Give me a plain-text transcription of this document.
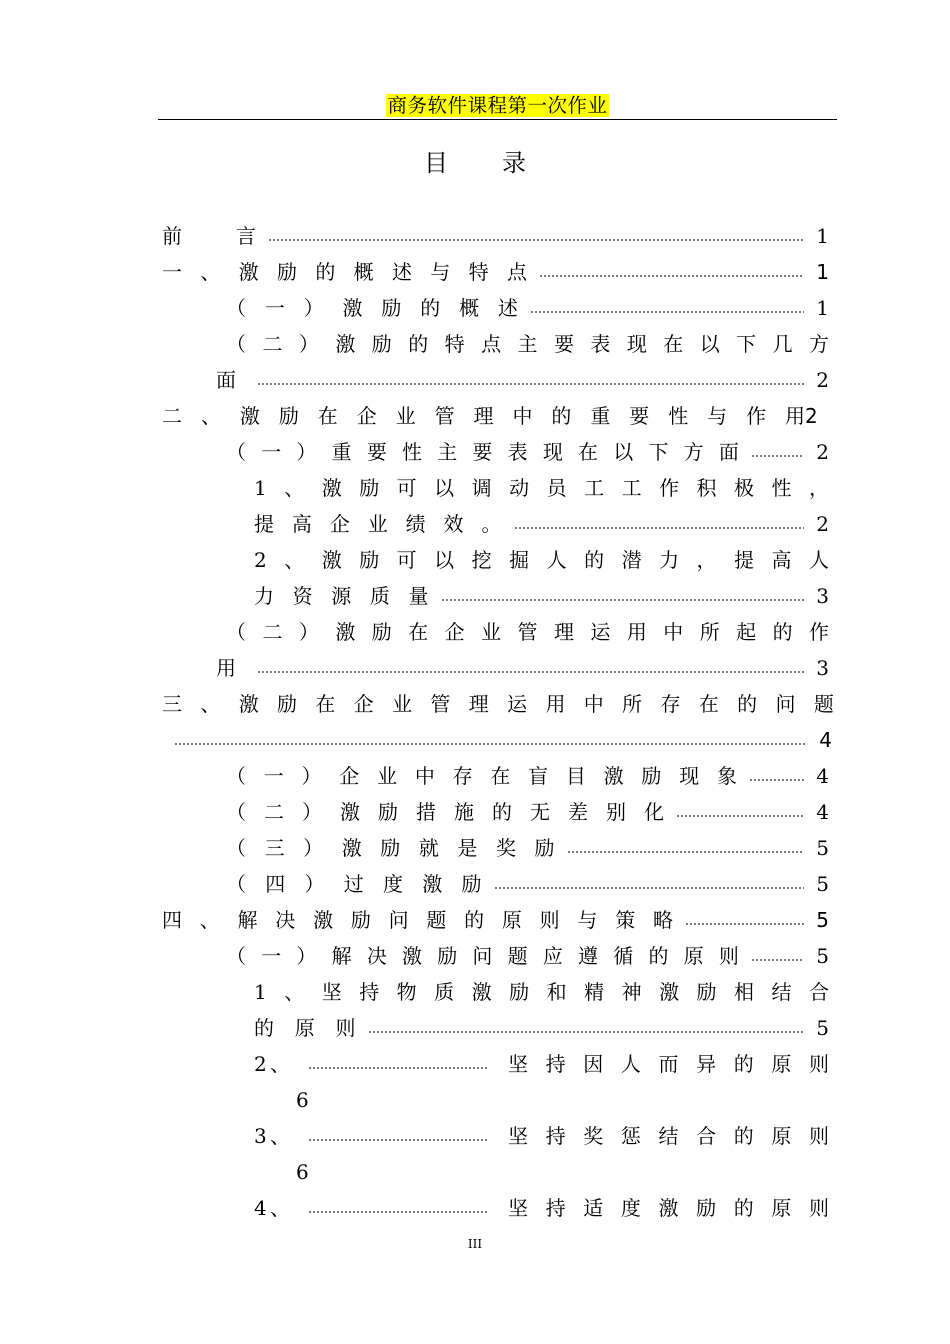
商务软件课程第一次作业
目 录
前	言	1
一 、 激 励 的 概 述 与 特 点	1
（ 一 ） 激 励 的 概 述	1
（ 二 ） 激 励 的 特 点 主 要 表 现 在 以 下 几 方
面	2
二 、 激 励 在 企 业 管 理 中 的 重 要 性 与 作 用 2
（ 一 ） 重 要 性 主 要 表 现 在 以 下 方 面	2
1 、 激 励 可 以 调 动 员 工 工 作 积 极 性 ，
提 高 企 业 绩 效 。	2
2 、 激 励 可 以 挖 掘 人 的 潜 力 ， 提 高 人
力 资 源 质 量	3
（ 二 ） 激 励 在 企 业 管 理 运 用 中 所 起 的 作
用	3
三 、 激 励 在 企 业 管 理 运 用 中 所 存 在 的 问 题
4
（ 一 ） 企 业 中 存 在 盲 目 激 励 现 象	4
（ 二 ） 激 励 措 施 的 无 差 别 化	4
（ 三 ） 激 励 就 是 奖 励	5
（ 四 ） 过 度 激 励	5
四 、 解 决 激 励 问 题 的 原 则 与 策 略	5
（ 一 ） 解 决 激 励 问 题 应 遵 循 的 原 则	5
1 、 坚 持 物 质 激 励 和 精 神 激 励 相 结 合
的 原 则	5
2 、	坚 持 因 人 而 异 的 原 则
6
3 、	坚 持 奖 惩 结 合 的 原 则
6
4 、	坚 持 适 度 激 励 的 原 则
III
